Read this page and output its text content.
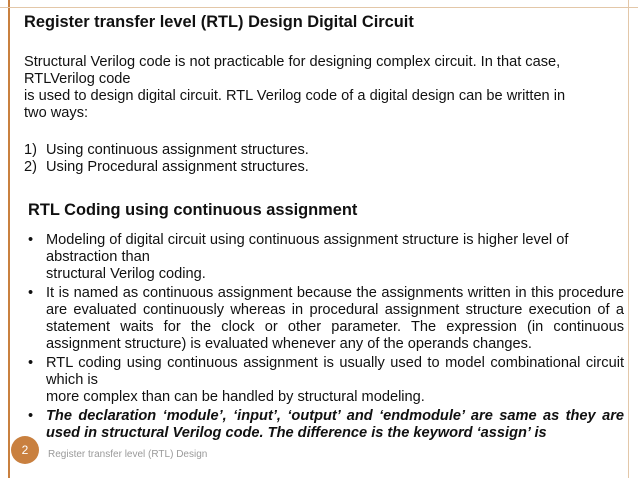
Register transfer level (RTL) Design Digital Circuit

Structural Verilog code is not practicable for designing complex circuit. In that case,

RTLVerilog code

is used to design digital circuit. RTL Verilog code of a digital design can be written in

two ways:

1) Using continuous assignment structures.
2) Using Procedural assignment structures.
RTL Coding using continuous assignment
• Modeling of digital circuit using continuous assignment structure is higher level of abstraction than
structural Verilog coding.
• It is named as continuous assignment because the assignments written in this procedure are evaluated continuously whereas in procedural assignment structure execution of a statement waits for the clock or other parameter. The expression (in continuous assignment structure) is evaluated whenever any of the operands changes.
• RTL coding using continuous assignment is usually used to model combinational circuit which is
more complex than can be handled by structural modeling.
• The declaration ‘module’, ‘input’, ‘output’ and ‘endmodule’ are same as they are used in structural Verilog code. The difference is the keyword ‘assign’ is
2	Register transfer level (RTL) Design
